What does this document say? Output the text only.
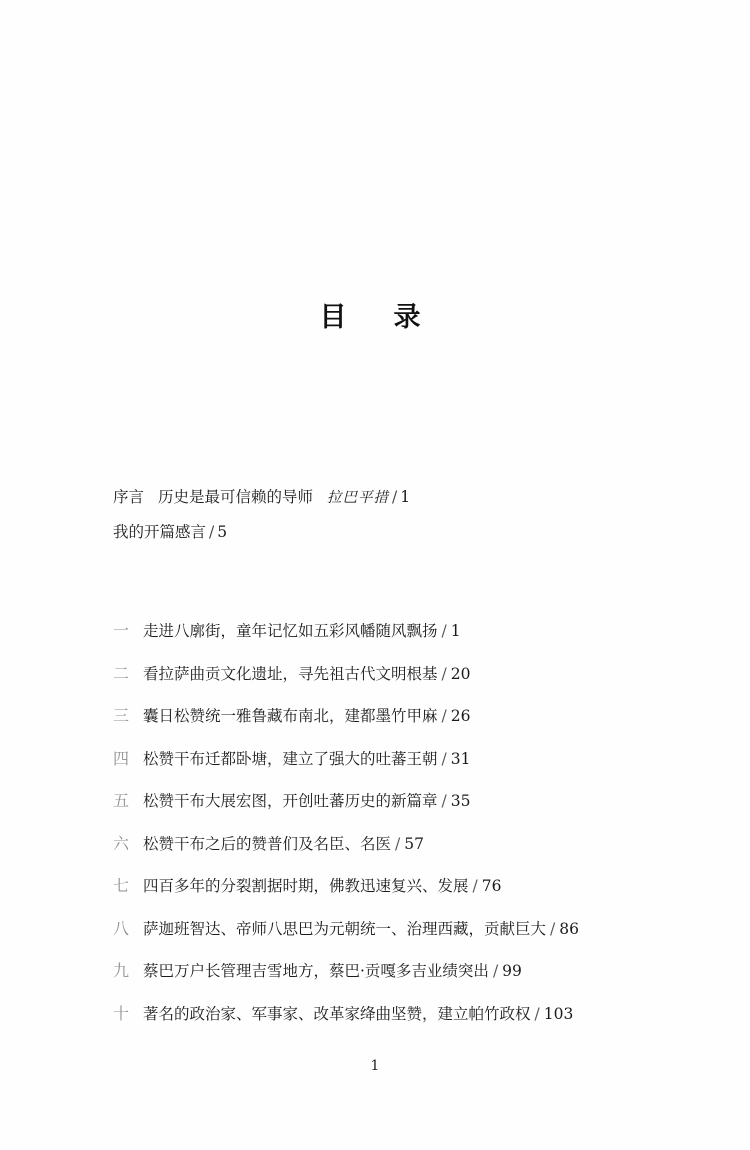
目　录
序言 历史是最可信赖的导师 拉巴平措 / 1
我的开篇感言 / 5
一 走进八廓街，童年记忆如五彩风幡随风飘扬 / 1
二 看拉萨曲贡文化遗址，寻先祖古代文明根基 / 20
三 囊日松赞统一雅鲁藏布南北，建都墨竹甲麻 / 26
四 松赞干布迁都卧塘，建立了强大的吐蕃王朝 / 31
五 松赞干布大展宏图，开创吐蕃历史的新篇章 / 35
六 松赞干布之后的赞普们及名臣、名医 / 57
七 四百多年的分裂割据时期，佛教迅速复兴、发展 / 76
八 萨迦班智达、帝师八思巴为元朝统一、治理西藏，贡献巨大 / 86
九 蔡巴万户长管理吉雪地方，蔡巴·贡嘎多吉业绩突出 / 99
十 著名的政治家、军事家、改革家绛曲坚赞，建立帕竹政权 / 103
1
